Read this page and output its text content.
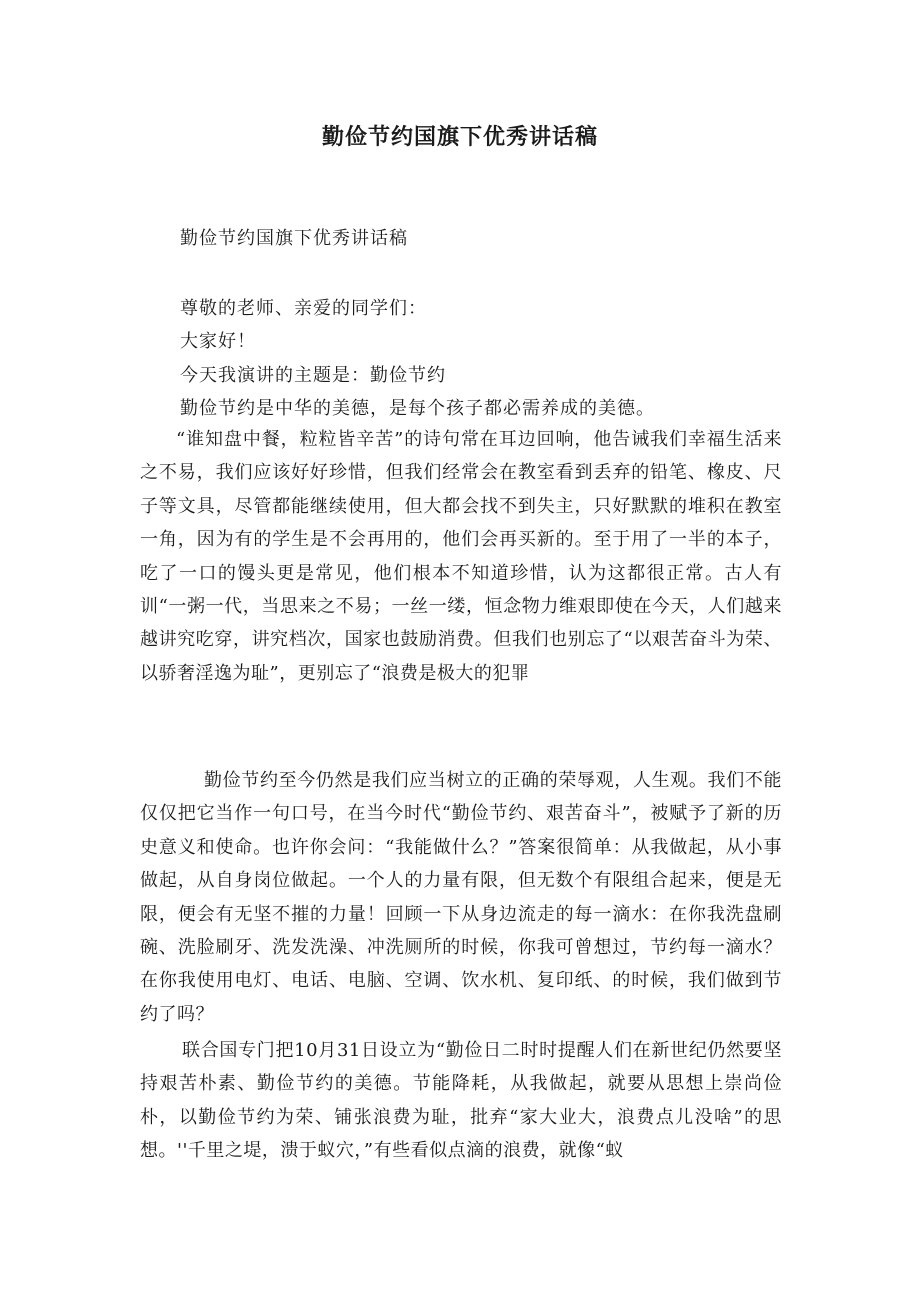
勤俭节约国旗下优秀讲话稿

勤俭节约国旗下优秀讲话稿

尊敬的老师、亲爱的同学们：

大家好！

今天我演讲的主题是：勤俭节约

勤俭节约是中华的美德，是每个孩子都必需养成的美德。

“谁知盘中餐，粒粒皆辛苦”的诗句常在耳边回响，他告诫我们幸福生活来之不易，我们应该好好珍惜，但我们经常会在教室看到丢弃的铅笔、橡皮、尺子等文具，尽管都能继续使用，但大都会找不到失主，只好默默的堆积在教室一角，因为有的学生是不会再用的，他们会再买新的。至于用了一半的本子，吃了一口的馒头更是常见，他们根本不知道珍惜，认为这都很正常。古人有训“一粥一代，当思来之不易；一丝一缕，恒念物力维艰即使在今天，人们越来越讲究吃穿，讲究档次，国家也鼓励消费。但我们也别忘了“以艰苦奋斗为荣、以骄奢淫逸为耻”，更别忘了“浪费是极大的犯罪

勤俭节约至今仍然是我们应当树立的正确的荣辱观，人生观。我们不能仅仅把它当作一句口号，在当今时代“勤俭节约、艰苦奋斗”，被赋予了新的历史意义和使命。也许你会问：“我能做什么？”答案很简单：从我做起，从小事做起，从自身岗位做起。一个人的力量有限，但无数个有限组合起来，便是无限，便会有无坚不摧的力量！回顾一下从身边流走的每一滴水：在你我洗盘刷碗、洗脸刷牙、洗发洗澡、冲洗厕所的时候，你我可曾想过，节约每一滴水？在你我使用电灯、电话、电脑、空调、饮水机、复印纸、的时候，我们做到节约了吗？

联合国专门把10月31日设立为“勤俭日二时时提醒人们在新世纪仍然要坚持艰苦朴素、勤俭节约的美德。节能降耗，从我做起，就要从思想上崇尚俭朴，以勤俭节约为荣、铺张浪费为耻，批弃“家大业大，浪费点儿没啥”的思想。''千里之堤，溃于蚁穴，”有些看似点滴的浪费，就像“蚁
